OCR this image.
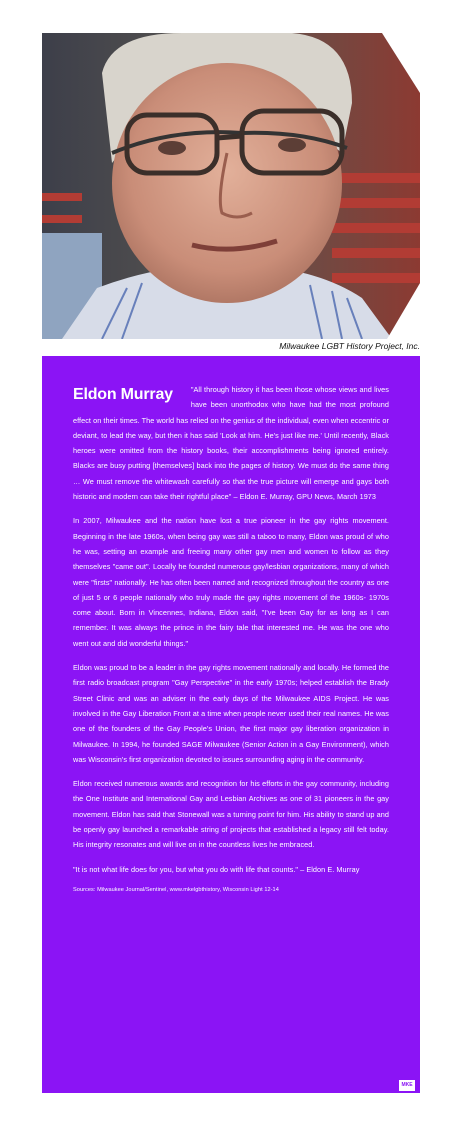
Milwaukee LGBT History Project, Inc.

Eldon Murray "All through history it has been those whose views and lives have been unorthodox who have had the most profound effect on their times. The world has relied on the genius of the individual, even when eccentric or deviant, to lead the way, but then it has said 'Look at him. He's just like me.' Until recently, Black heroes were omitted from the history books, their accomplishments being ignored entirely. Blacks are busy putting [themselves] back into the pages of history. We must do the same thing … We must remove the whitewash carefully so that the true picture will emerge and gays both historic and modern can take their rightful place" – Eldon E. Murray, GPU News, March 1973

In 2007, Milwaukee and the nation have lost a true pioneer in the gay rights movement. Beginning in the late 1960s, when being gay was still a taboo to many, Eldon was proud of who he was, setting an example and freeing many other gay men and women to follow as they themselves "came out". Locally he founded numerous gay/lesbian organizations, many of which were "firsts" nationally. He has often been named and recognized throughout the country as one of just 5 or 6 people nationally who truly made the gay rights movement of the 1960s- 1970s come about. Born in Vincennes, Indiana, Eldon said, "I've been Gay for as long as I can remember. It was always the prince in the fairy tale that interested me. He was the one who went out and did wonderful things."

Eldon was proud to be a leader in the gay rights movement nationally and locally. He formed the first radio broadcast program "Gay Perspective" in the early 1970s; helped establish the Brady Street Clinic and was an adviser in the early days of the Milwaukee AIDS Project. He was involved in the Gay Liberation Front at a time when people never used their real names. He was one of the founders of the Gay People's Union, the first major gay liberation organization in Milwaukee. In 1994, he founded SAGE Milwaukee (Senior Action in a Gay Environment), which was Wisconsin's first organization devoted to issues surrounding aging in the community.

Eldon received numerous awards and recognition for his efforts in the gay community, including the One Institute and International Gay and Lesbian Archives as one of 31 pioneers in the gay movement. Eldon has said that Stonewall was a turning point for him. His ability to stand up and be openly gay launched a remarkable string of projects that established a legacy still felt today. His integrity resonates and will live on in the countless lives he embraced.

"It is not what life does for you, but what you do with life that counts." – Eldon E. Murray

Sources: Milwaukee Journal/Sentinel, www.mkelgbthistory, Wisconsin Light 12-14

MKE
